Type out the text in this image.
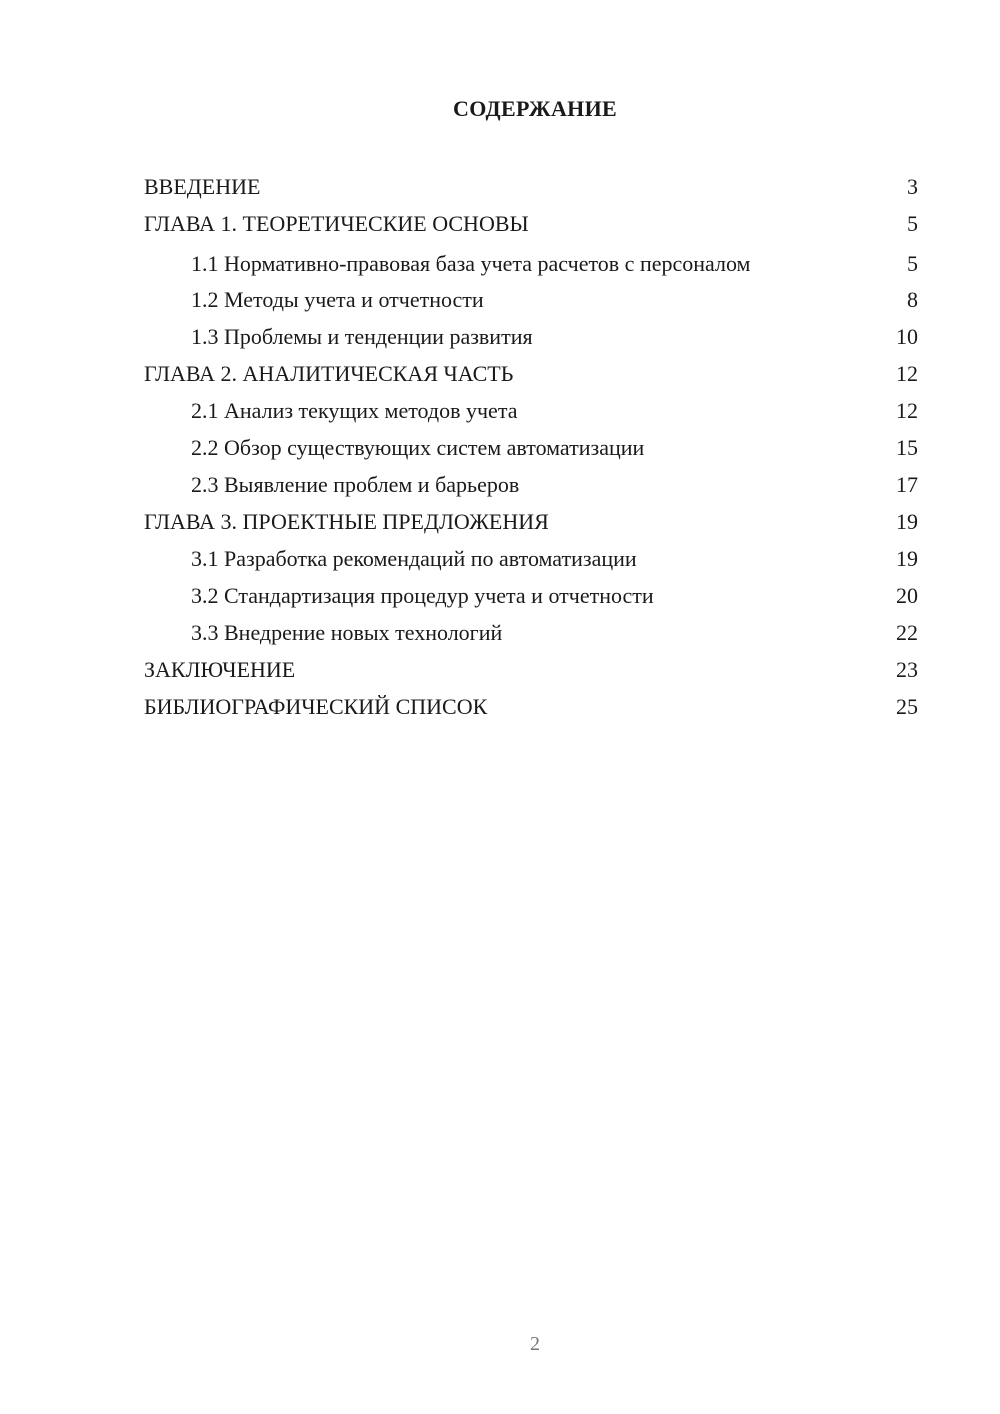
СОДЕРЖАНИЕ
ВВЕДЕНИЕ	3
ГЛАВА 1. ТЕОРЕТИЧЕСКИЕ ОСНОВЫ	5
1.1 Нормативно-правовая база учета расчетов с персоналом	5
1.2 Методы учета и отчетности	8
1.3 Проблемы и тенденции развития	10
ГЛАВА 2. АНАЛИТИЧЕСКАЯ ЧАСТЬ	12
2.1 Анализ текущих методов учета	12
2.2 Обзор существующих систем автоматизации	15
2.3 Выявление проблем и барьеров	17
ГЛАВА 3. ПРОЕКТНЫЕ ПРЕДЛОЖЕНИЯ	19
3.1 Разработка рекомендаций по автоматизации	19
3.2 Стандартизация процедур учета и отчетности	20
3.3 Внедрение новых технологий	22
ЗАКЛЮЧЕНИЕ	23
БИБЛИОГРАФИЧЕСКИЙ СПИСОК	25
2
